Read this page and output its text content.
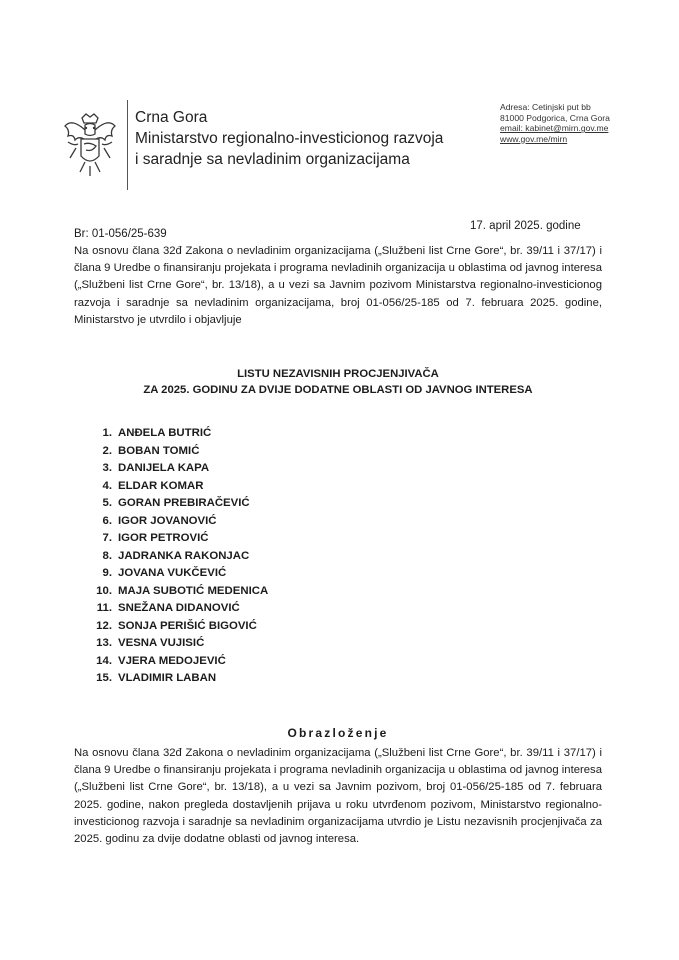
Crna Gora
Ministarstvo regionalno-investicionog razvoja
i saradnje sa nevladinim organizacijama
Adresa: Cetinjski put bb
81000 Podgorica, Crna Gora
email: kabinet@mirn.gov.me
www.gov.me/mirn
Br: 01-056/25-639
17. april 2025. godine

Na osnovu člana 32đ Zakona o nevladinim organizacijama („Službeni list Crne Gore“, br. 39/11 i 37/17) i člana 9 Uredbe o finansiranju projekata i programa nevladinih organizacija u oblastima od javnog interesa („Službeni list Crne Gore“, br. 13/18), a u vezi sa Javnim pozivom Ministarstva regionalno-investicionog razvoja i saradnje sa nevladinim organizacijama, broj 01-056/25-185 od 7. februara 2025. godine, Ministarstvo je utvrdilo i objavljuje

LISTU NEZAVISNIH PROCJENJIVAČA
ZA 2025. GODINU ZA DVIJE DODATNE OBLASTI OD JAVNOG INTERESA
1. ANĐELA BUTRIĆ
2. BOBAN TOMIĆ
3. DANIJELA KAPA
4. ELDAR KOMAR
5. GORAN PREBIRAČEVIĆ
6. IGOR JOVANOVIĆ
7. IGOR PETROVIĆ
8. JADRANKA RAKONJAC
9. JOVANA VUKČEVIĆ
10. MAJA SUBOTIĆ MEDENICA
11. SNEŽANA DIDANOVIĆ
12. SONJA PERIŠIĆ BIGOVIĆ
13. VESNA VUJISIĆ
14. VJERA MEDOJEVIĆ
15. VLADIMIR LABAN
Obrazloženje

Na osnovu člana 32đ Zakona o nevladinim organizacijama („Službeni list Crne Gore“, br. 39/11 i 37/17) i člana 9 Uredbe o finansiranju projekata i programa nevladinih organizacija u oblastima od javnog interesa („Službeni list Crne Gore“, br. 13/18), a u vezi sa Javnim pozivom, broj 01-056/25-185 od 7. februara 2025. godine, nakon pregleda dostavljenih prijava u roku utvrđenom pozivom, Ministarstvo regionalno-investicionog razvoja i saradnje sa nevladinim organizacijama utvrdio je Listu nezavisnih procjenjivača za 2025. godinu za dvije dodatne oblasti od javnog interesa.
